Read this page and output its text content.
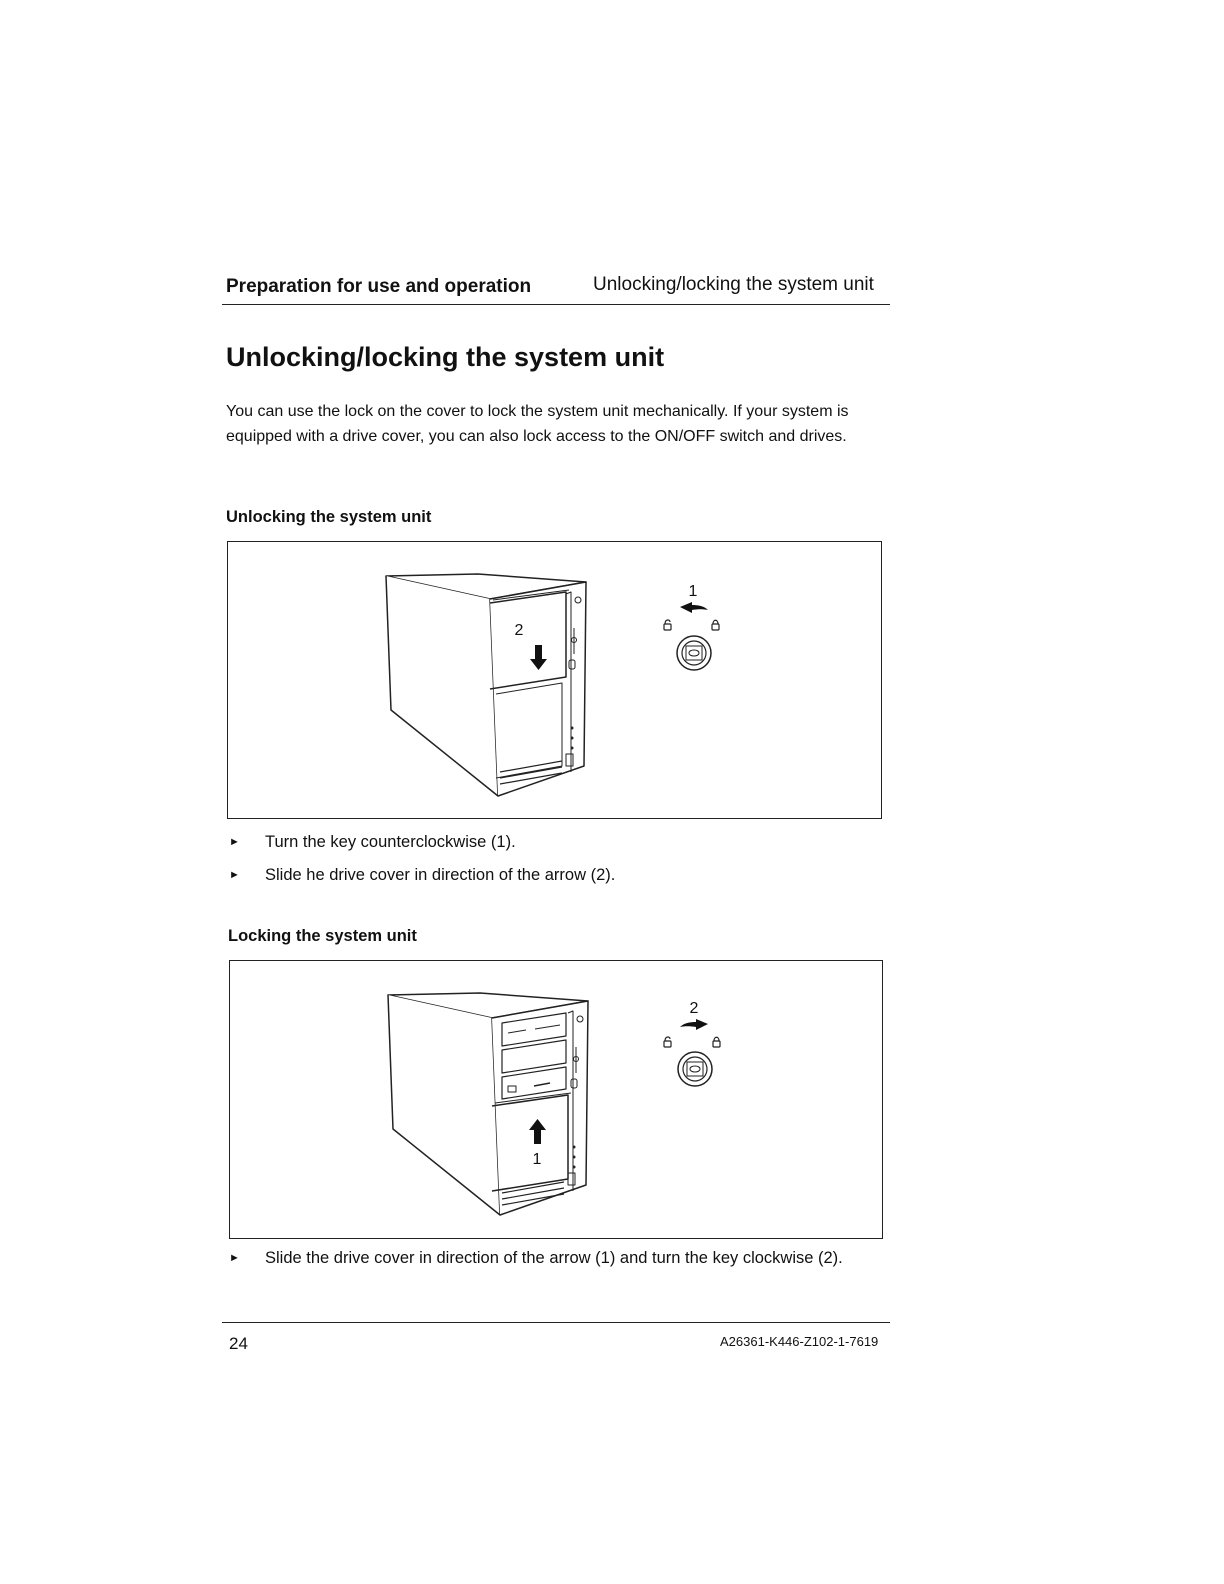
Preparation for use and operation	Unlocking/locking the system unit
Unlocking/locking the system unit

You can use the lock on the cover to lock the system unit mechanically. If your system is equipped with a drive cover, you can also lock access to the ON/OFF switch and drives.

Unlocking the system unit
2
1
► Turn the key counterclockwise (1).
► Slide he drive cover in direction of the arrow (2).
Locking the system unit
1
2
► Slide the drive cover in direction of the arrow (1) and turn the key clockwise (2).
24	A26361-K446-Z102-1-7619
